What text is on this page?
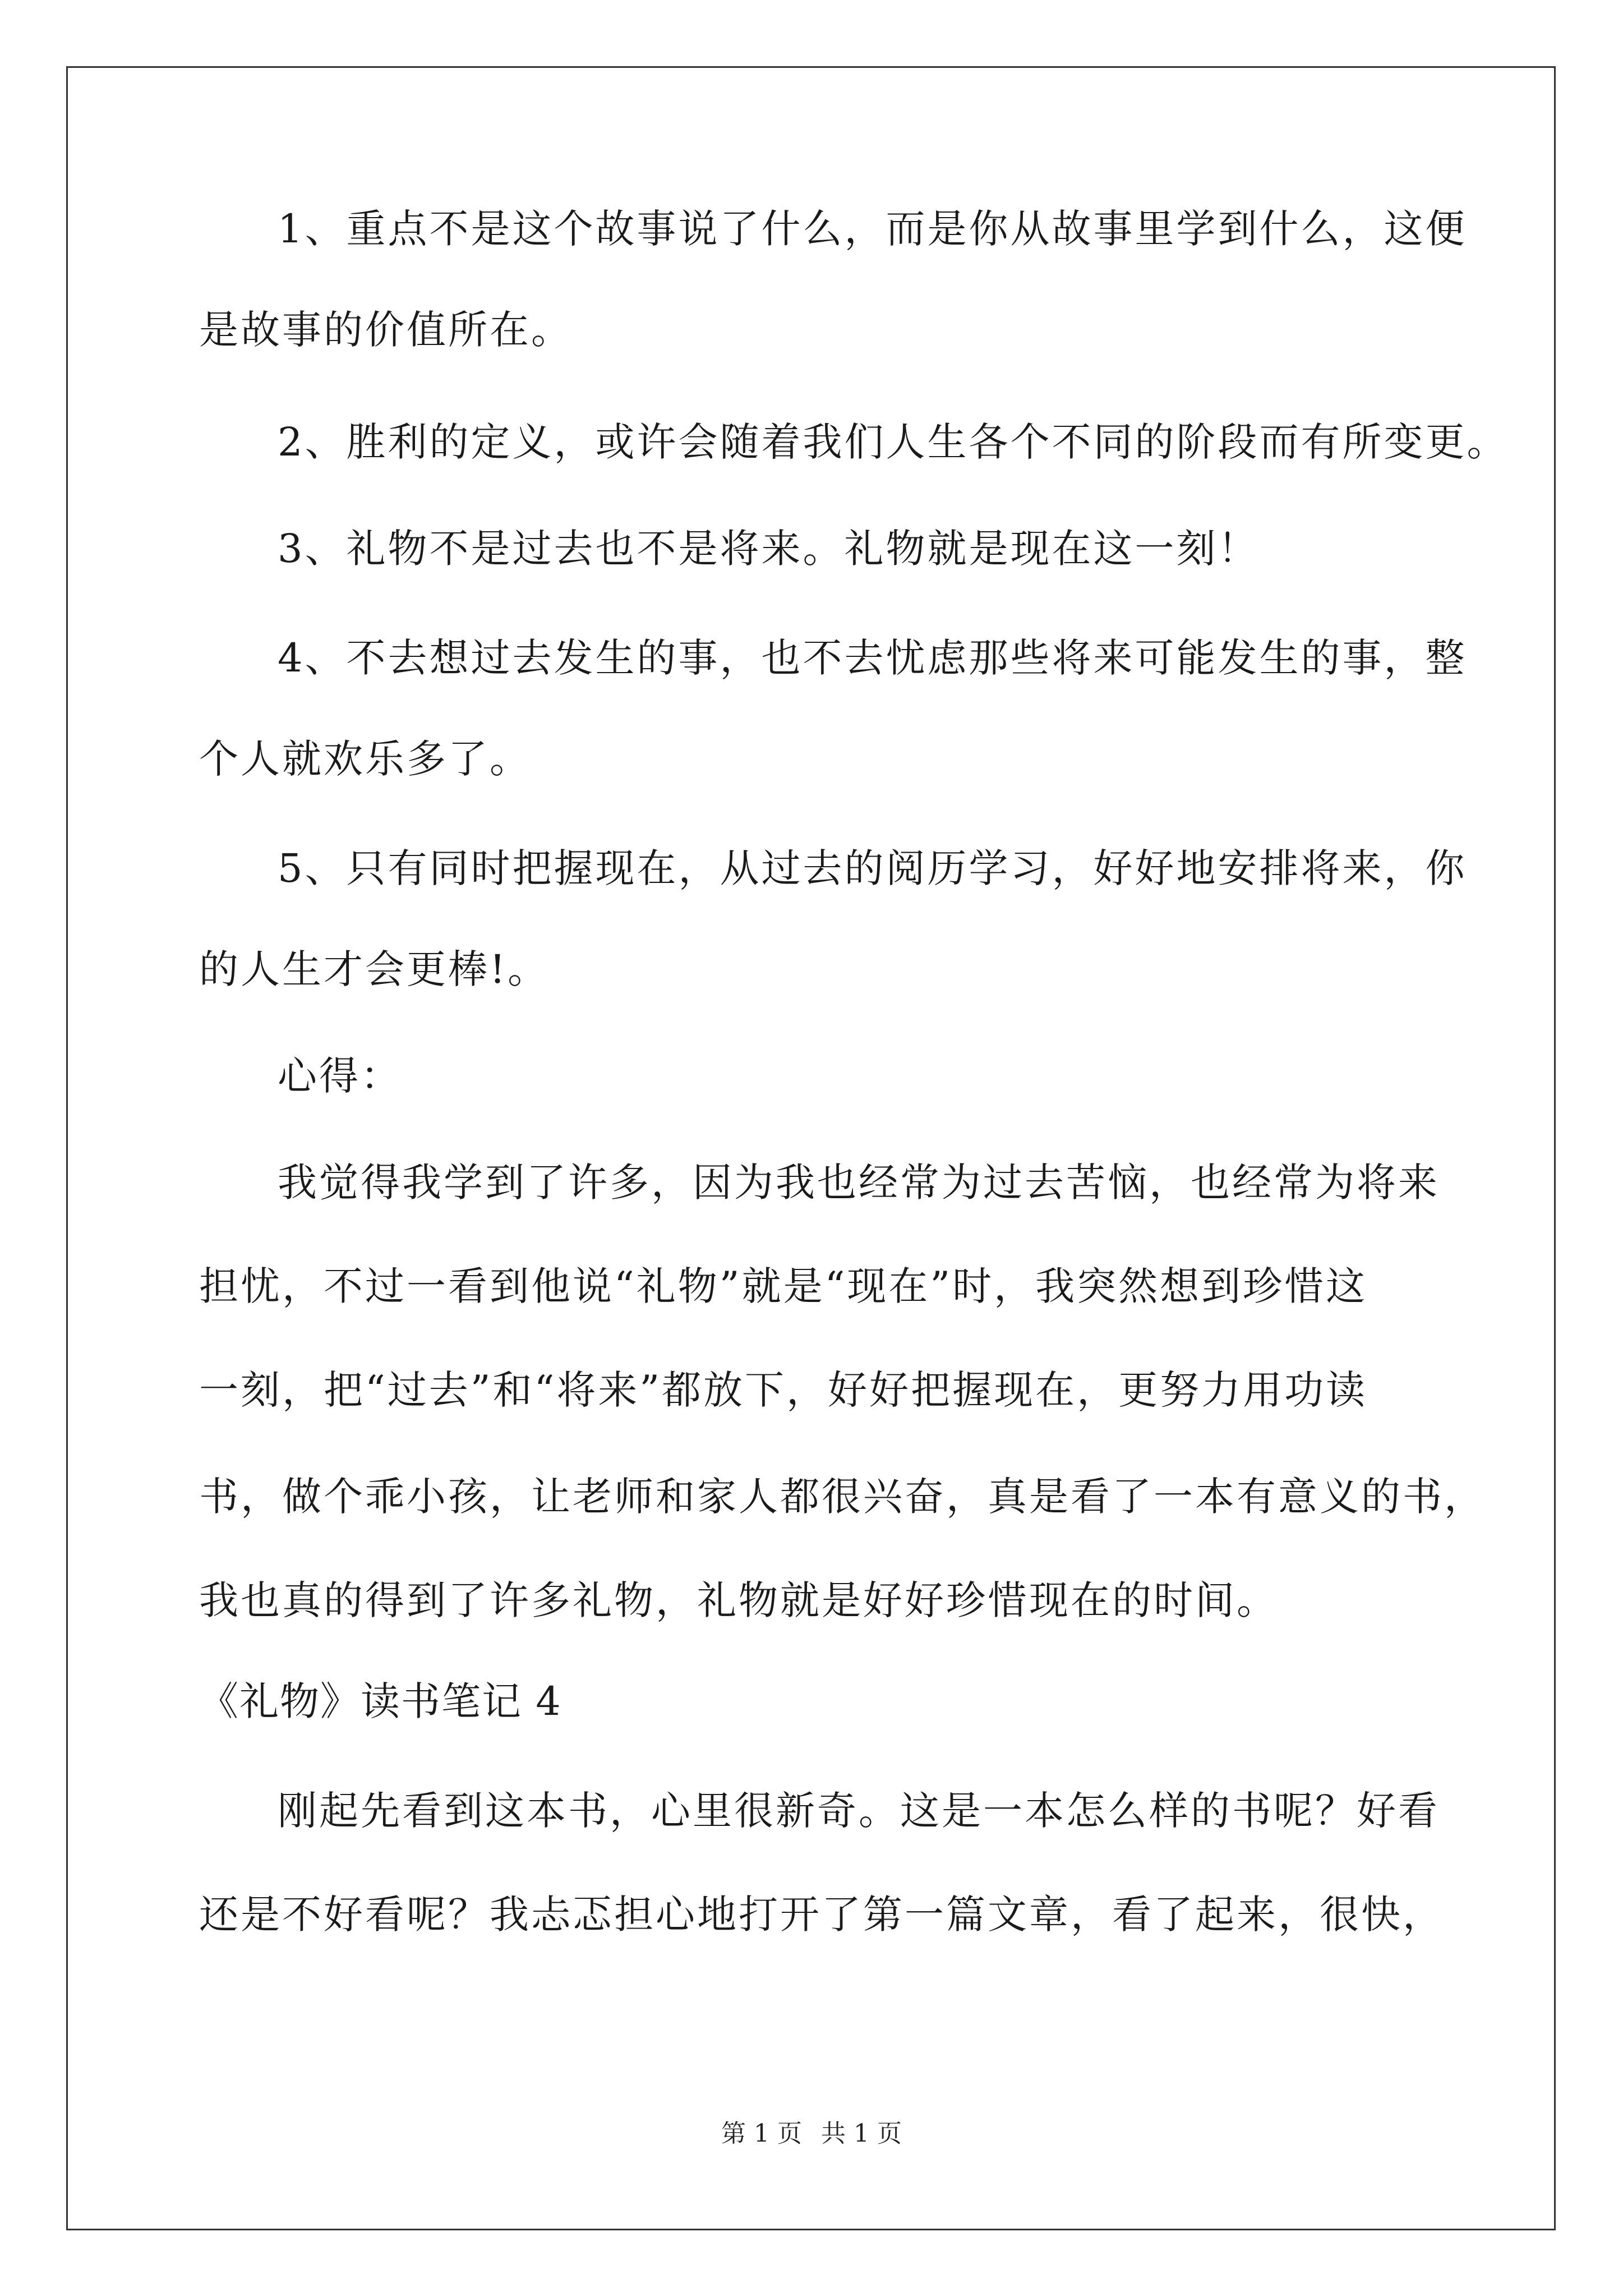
1、重点不是这个故事说了什么，而是你从故事里学到什么，这便
是故事的价值所在。
2、胜利的定义，或许会随着我们人生各个不同的阶段而有所变更。
3、礼物不是过去也不是将来。礼物就是现在这一刻！
4、不去想过去发生的事，也不去忧虑那些将来可能发生的事，整
个人就欢乐多了。
5、只有同时把握现在，从过去的阅历学习，好好地安排将来，你
的人生才会更棒!。
心得：
我觉得我学到了许多，因为我也经常为过去苦恼，也经常为将来
担忧，不过一看到他说“礼物”就是“现在”时，我突然想到珍惜这
一刻，把“过去”和“将来”都放下，好好把握现在，更努力用功读
书，做个乖小孩，让老师和家人都很兴奋，真是看了一本有意义的书，
我也真的得到了许多礼物，礼物就是好好珍惜现在的时间。
《礼物》读书笔记 4
刚起先看到这本书，心里很新奇。这是一本怎么样的书呢？好看
还是不好看呢？我忐忑担心地打开了第一篇文章，看了起来，很快，
第 1 页 共 1 页
